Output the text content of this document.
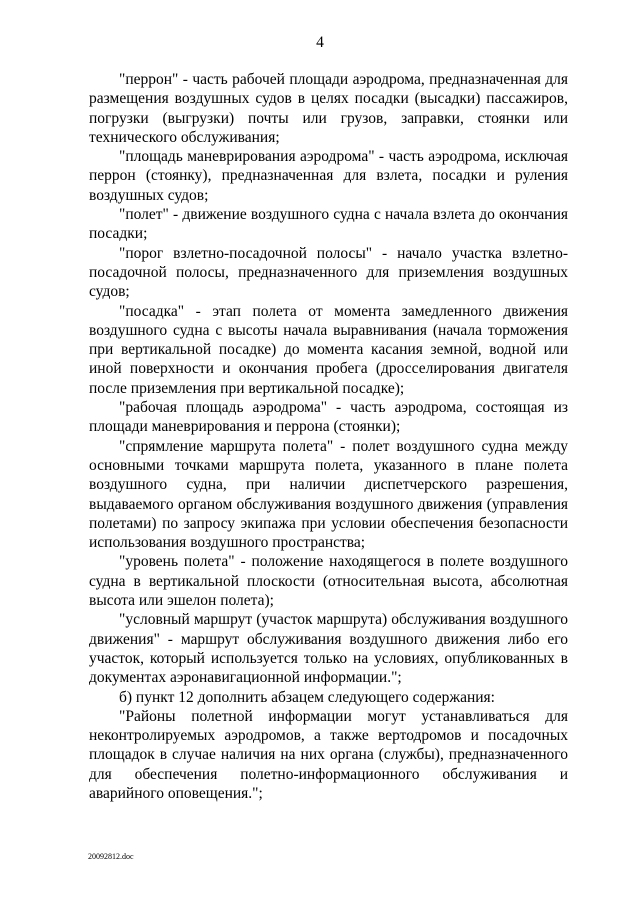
4

"перрон" - часть рабочей площади аэродрома, предназначенная для размещения воздушных судов в целях посадки (высадки) пассажиров, погрузки (выгрузки) почты или грузов, заправки, стоянки или технического обслуживания;

"площадь маневрирования аэродрома" - часть аэродрома, исключая перрон (стоянку), предназначенная для взлета, посадки и руления воздушных судов;

"полет" - движение воздушного судна с начала взлета до окончания посадки;

"порог взлетно-посадочной полосы" - начало участка взлетно-посадочной полосы, предназначенного для приземления воздушных судов;

"посадка" - этап полета от момента замедленного движения воздушного судна с высоты начала выравнивания (начала торможения при вертикальной посадке) до момента касания земной, водной или иной поверхности и окончания пробега (дросселирования двигателя после приземления при вертикальной посадке);

"рабочая площадь аэродрома" - часть аэродрома, состоящая из площади маневрирования и перрона (стоянки);

"спрямление маршрута полета" - полет воздушного судна между основными точками маршрута полета, указанного в плане полета воздушного судна, при наличии диспетчерского разрешения, выдаваемого органом обслуживания воздушного движения (управления полетами) по запросу экипажа при условии обеспечения безопасности использования воздушного пространства;

"уровень полета" - положение находящегося в полете воздушного судна в вертикальной плоскости (относительная высота, абсолютная высота или эшелон полета);

"условный маршрут (участок маршрута) обслуживания воздушного движения" - маршрут обслуживания воздушного движения либо его участок, который используется только на условиях, опубликованных в документах аэронавигационной информации.";

б) пункт 12 дополнить абзацем следующего содержания:

"Районы полетной информации могут устанавливаться для неконтролируемых аэродромов, а также вертодромов и посадочных площадок в случае наличия на них органа (службы), предназначенного для обеспечения полетно-информационного обслуживания и аварийного оповещения.";

20092812.doc
